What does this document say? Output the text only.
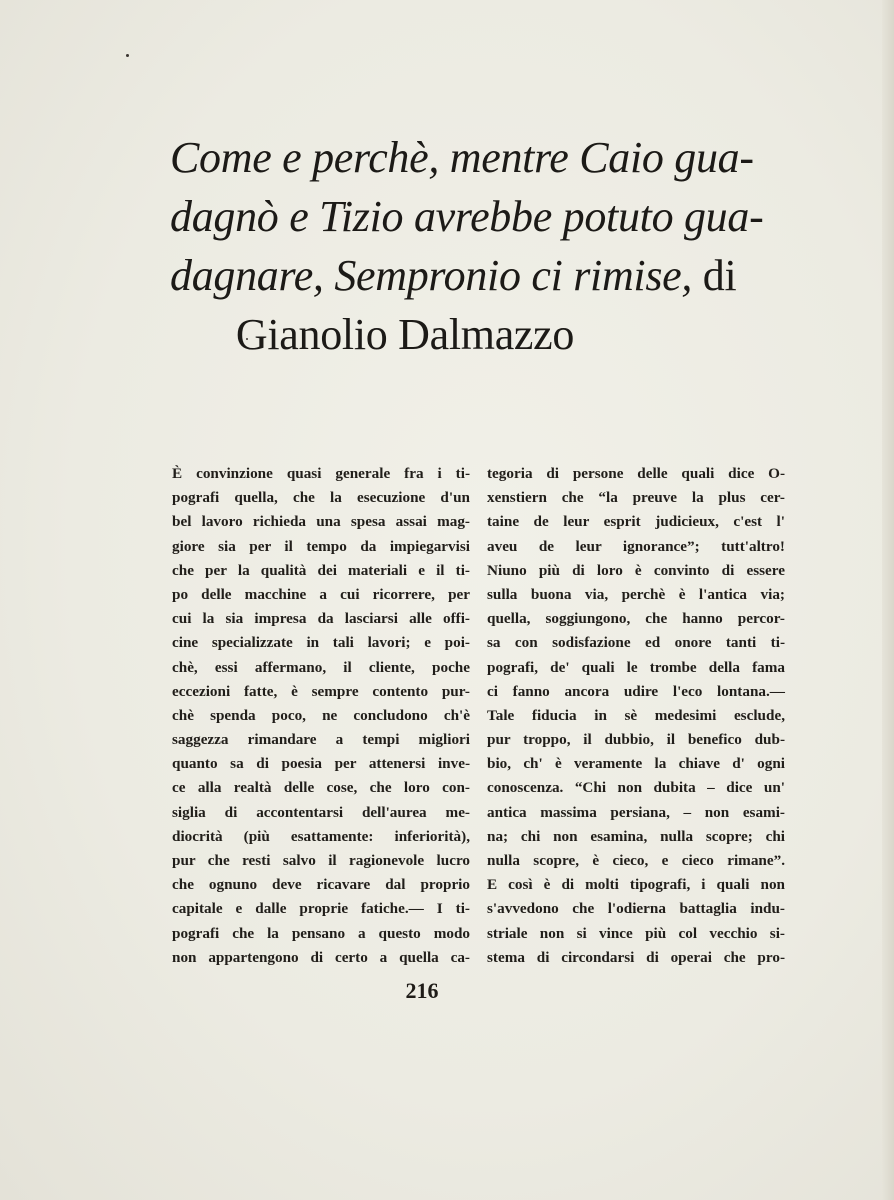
Come e perchè, mentre Caio gua-
dagnò e Tizio avrebbe potuto gua-
dagnare, Sempronio ci rimise, di
Gianolio Dalmazzo
È convinzione quasi generale fra i ti-
pografi quella, che la esecuzione d'un
bel lavoro richieda una spesa assai mag-
giore sia per il tempo da impiegarvisi
che per la qualità dei materiali e il ti-
po delle macchine a cui ricorrere, per
cui la sia impresa da lasciarsi alle offi-
cine specializzate in tali lavori; e poi-
chè, essi affermano, il cliente, poche
eccezioni fatte, è sempre contento pur-
chè spenda poco, ne concludono ch'è
saggezza rimandare a tempi migliori
quanto sa di poesia per attenersi inve-
ce alla realtà delle cose, che loro con-
siglia di accontentarsi dell'aurea me-
diocrità (più esattamente: inferiorità),
pur che resti salvo il ragionevole lucro
che ognuno deve ricavare dal proprio
capitale e dalle proprie fatiche.— I ti-
pografi che la pensano a questo modo
non appartengono di certo a quella ca-
tegoria di persone delle quali dice O-
xenstiern che “la preuve la plus cer-
taine de leur esprit judicieux, c'est l'
aveu de leur ignorance”; tutt'altro!
Niuno più di loro è convinto di essere
sulla buona via, perchè è l'antica via;
quella, soggiungono, che hanno percor-
sa con sodisfazione ed onore tanti ti-
pografi, de' quali le trombe della fama
ci fanno ancora udire l'eco lontana.—
Tale fiducia in sè medesimi esclude,
pur troppo, il dubbio, il benefico dub-
bio, ch' è veramente la chiave d' ogni
conoscenza. “Chi non dubita – dice un'
antica massima persiana, – non esami-
na; chi non esamina, nulla scopre; chi
nulla scopre, è cieco, e cieco rimane”.
E così è di molti tipografi, i quali non
s'avvedono che l'odierna battaglia indu-
striale non si vince più col vecchio si-
stema di circondarsi di operai che pro-
216
